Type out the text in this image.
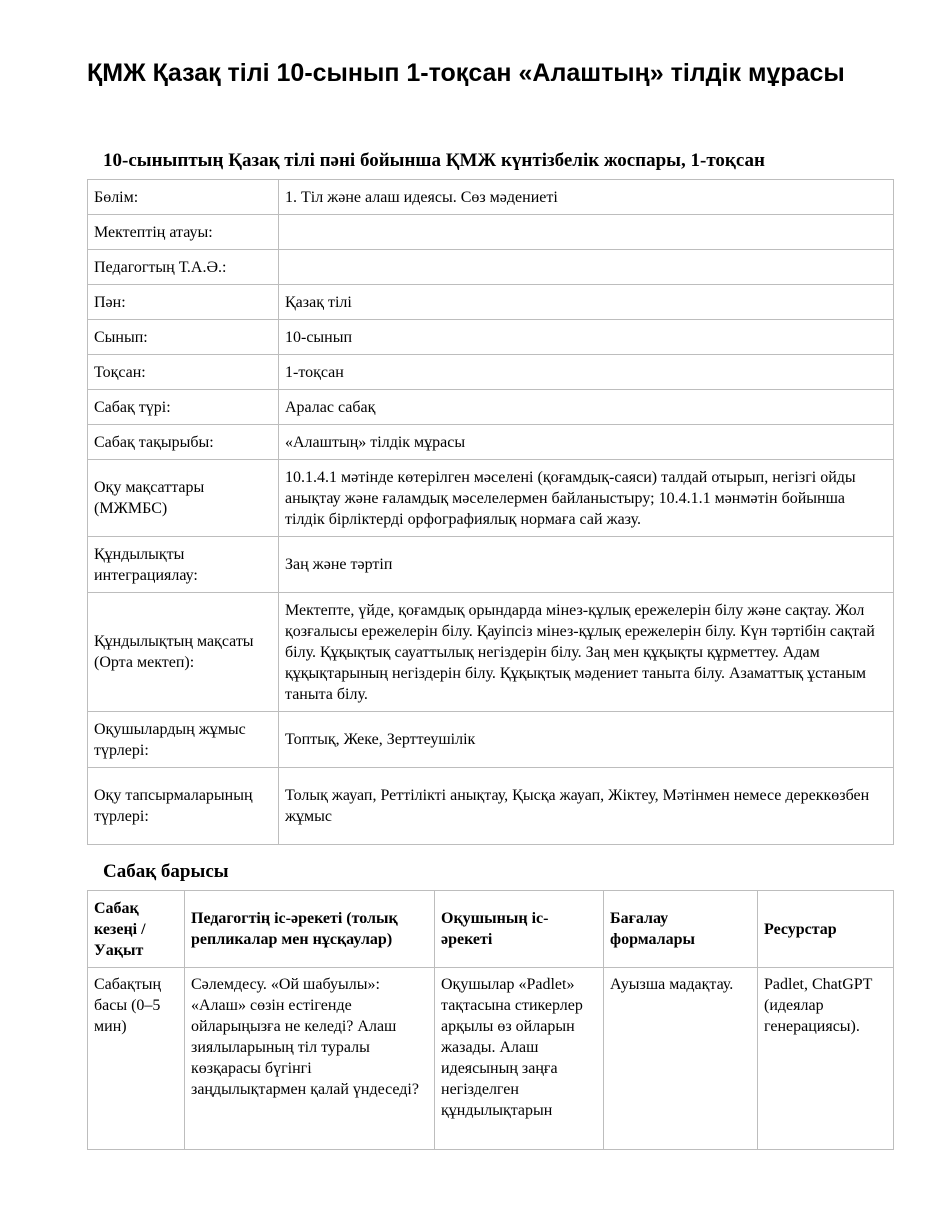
ҚМЖ Қазақ тілі 10-сынып 1-тоқсан «Алаштың» тілдік мұрасы
10-сыныптың Қазақ тілі пәні бойынша ҚМЖ күнтізбелік жоспары, 1-тоқсан
Бөлім:	1. Тіл және алаш идеясы. Сөз мәдениеті
Мектептің атауы:	
Педагогтың Т.А.Ә.:	
Пән:	Қазақ тілі
Сынып:	10-сынып
Тоқсан:	1-тоқсан
Сабақ түрі:	Аралас сабақ
Сабақ тақырыбы:	«Алаштың» тілдік мұрасы
Оқу мақсаттары (МЖМБС)	10.1.4.1 мәтінде көтерілген мәселені (қоғамдық-саяси) талдай отырып, негізгі ойды анықтау және ғаламдық мәселелермен байланыстыру; 10.4.1.1 мәнмәтін бойынша тілдік бірліктерді орфографиялық нормаға сай жазу.
Құндылықты интеграциялау:	Заң және тәртіп
Құндылықтың мақсаты (Орта мектеп):	Мектепте, үйде, қоғамдық орындарда мінез-құлық ережелерін білу және сақтау. Жол қозғалысы ережелерін білу. Қауіпсіз мінез-құлық ережелерін білу. Күн тәртібін сақтай білу. Құқықтық сауаттылық негіздерін білу. Заң мен құқықты құрметтеу. Адам құқықтарының негіздерін білу. Құқықтық мәдениет таныта білу. Азаматтық ұстаным таныта білу.
Оқушылардың жұмыс түрлері:	Топтық, Жеке, Зерттеушілік
Оқу тапсырмаларының түрлері:	Толық жауап, Реттілікті анықтау, Қысқа жауап, Жіктеу, Мәтінмен немесе дереккөзбен жұмыс
Сабақ барысы
Сабақ кезеңі / Уақыт	Педагогтің іс-әрекеті (толық репликалар мен нұсқаулар)	Оқушының іс-әрекеті	Бағалау формалары	Ресурстар
Сабақтың басы (0–5 мин)	Сәлемдесу. «Ой шабуылы»: «Алаш» сөзін естігенде ойларыңызға не келеді? Алаш зиялыларының тіл туралы көзқарасы бүгінгі заңдылықтармен қалай үндеседі?	Оқушылар «Padlet» тақтасына стикерлер арқылы өз ойларын жазады. Алаш идеясының заңға негізделген құндылықтарын	Ауызша мадақтау.	Padlet, ChatGPT (идеялар генерациясы).
